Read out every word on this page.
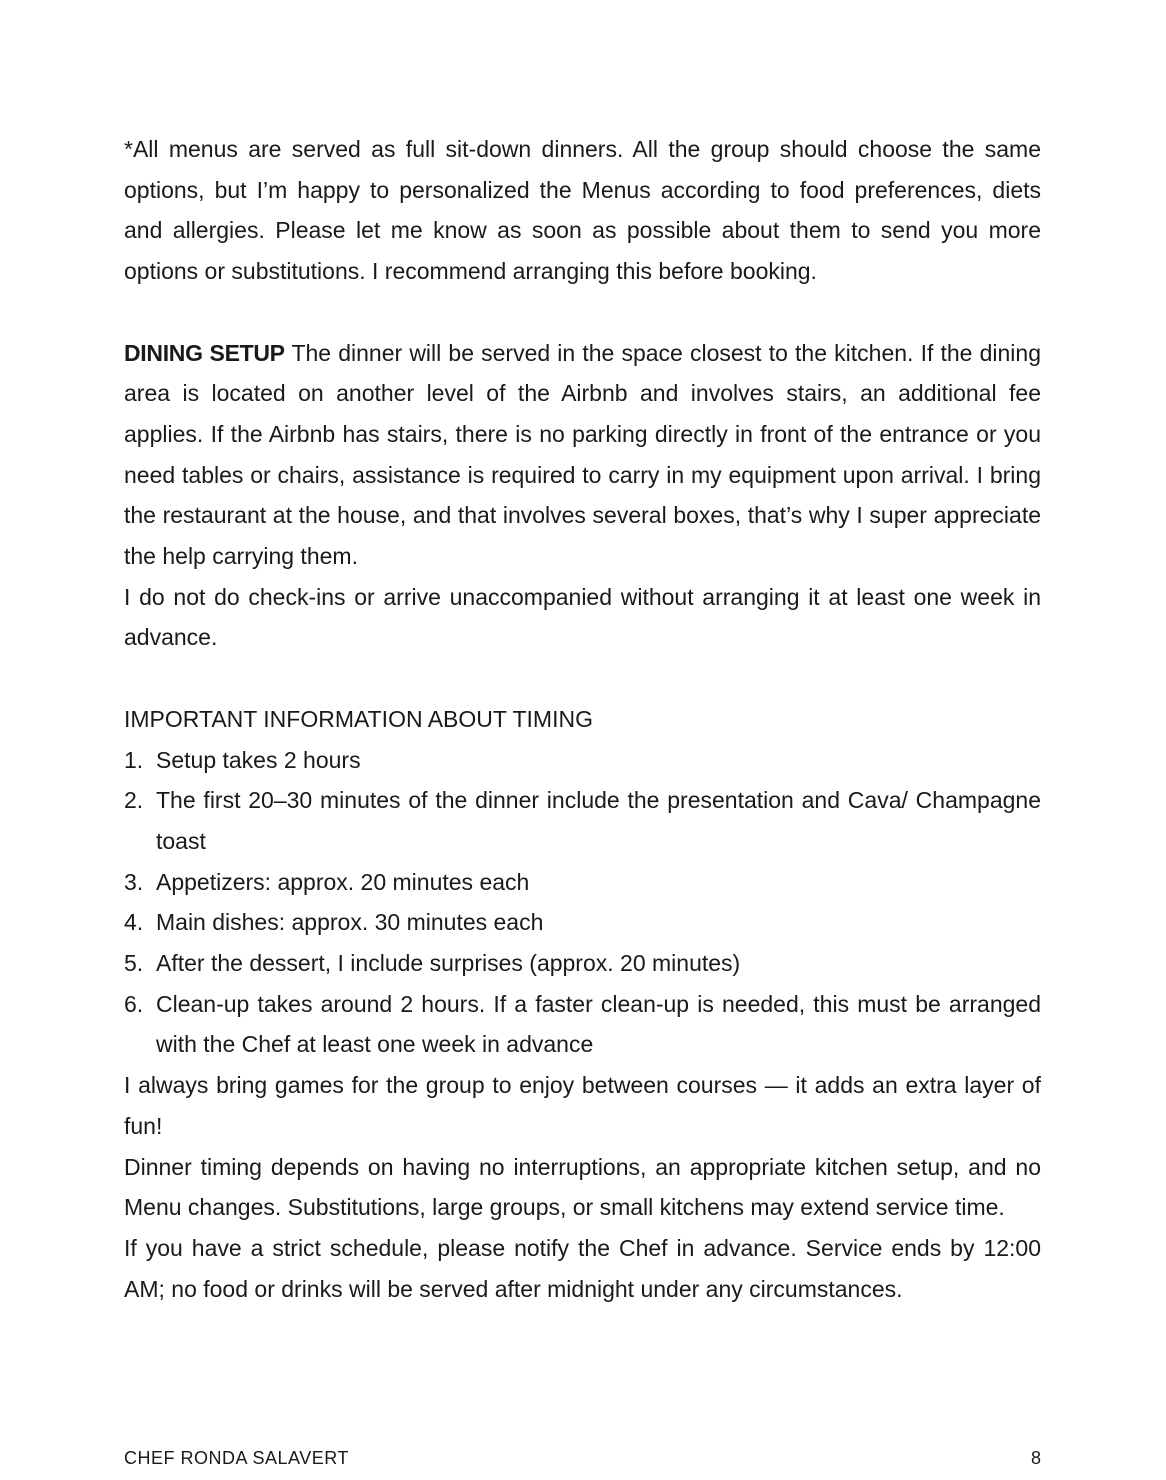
*All menus are served as full sit-down dinners. All the group should choose the same options, but I’m happy to personalized the Menus according to food preferences, diets and allergies. Please let me know as soon as possible about them to send you more options or substitutions. I recommend arranging this before booking.

DINING SETUP The dinner will be served in the space closest to the kitchen. If the dining area is located on another level of the Airbnb and involves stairs, an additional fee applies. If the Airbnb has stairs, there is no parking directly in front of the entrance or you need tables or chairs, assistance is required to carry in my equipment upon arrival. I bring the restaurant at the house, and that involves several boxes, that’s why I super appreciate the help carrying them.

I do not do check-ins or arrive unaccompanied without arranging it at least one week in advance.

IMPORTANT INFORMATION ABOUT TIMING

1. Setup takes 2 hours
2. The first 20–30 minutes of the dinner include the presentation and Cava/ Champagne toast
3. Appetizers: approx. 20 minutes each
4. Main dishes: approx. 30 minutes each
5. After the dessert, I include surprises (approx. 20 minutes)
6. Clean-up takes around 2 hours. If a faster clean-up is needed, this must be arranged with the Chef at least one week in advance

I always bring games for the group to enjoy between courses — it adds an extra layer of fun!

Dinner timing depends on having no interruptions, an appropriate kitchen setup, and no Menu changes. Substitutions, large groups, or small kitchens may extend service time.

If you have a strict schedule, please notify the Chef in advance. Service ends by 12:00 AM; no food or drinks will be served after midnight under any circumstances.

CHEF RONDA SALAVERT	8
